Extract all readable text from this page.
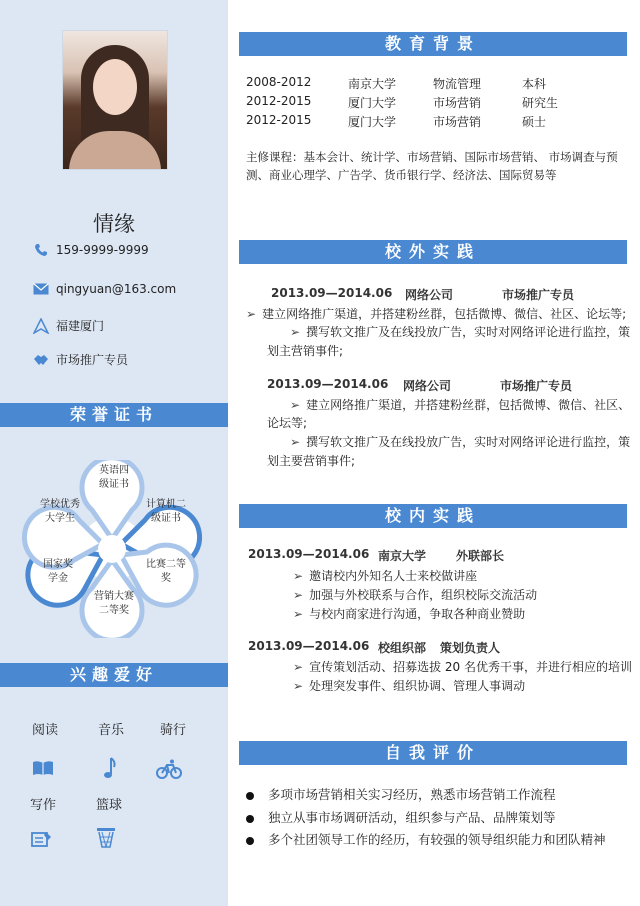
情缘
159-9999-9999
qingyuan@163.com
福建厦门
市场推广专员
荣誉证书
英语四级证书
计算机二级证书
比赛二等奖
营销大赛二等奖
国家奖学金
学校优秀大学生
兴趣爱好
阅读	音乐	骑行
写作	篮球
教育背景
2008-2012	南京大学	物流管理	本科
2012-2015	厦门大学	市场营销	研究生
2012-2015	厦门大学	市场营销	硕士
主修课程：基本会计、统计学、市场营销、国际市场营销、 市场调查与预
测、商业心理学、广告学、货币银行学、经济法、国际贸易等
校外实践
2013.09—2014.06 网络公司	市场推广专员
➢ 建立网络推广渠道，并搭建粉丝群，包括微博、微信、社区、论坛等;
➢ 撰写软文推广及在线投放广告，实时对网络评论进行监控，策
划主营销事件;
2013.09—2014.06 网络公司	市场推广专员
➢ 建立网络推广渠道，并搭建粉丝群，包括微博、微信、社区、
论坛等;
➢ 撰写软文推广及在线投放广告，实时对网络评论进行监控，策
划主要营销事件;
校内实践
2013.09—2014.06 南京大学 外联部长
➢ 邀请校内外知名人士来校做讲座
➢ 加强与外校联系与合作，组织校际交流活动
➢ 与校内商家进行沟通，争取各种商业赞助
2013.09—2014.06 校组织部 策划负责人
➢ 宣传策划活动、招募选拔 20 名优秀干事，并进行相应的培训
➢ 处理突发事件、组织协调、管理人事调动
自我评价
多项市场营销相关实习经历，熟悉市场营销工作流程
独立从事市场调研活动，组织参与产品、品牌策划等
多个社团领导工作的经历，有较强的领导组织能力和团队精神
